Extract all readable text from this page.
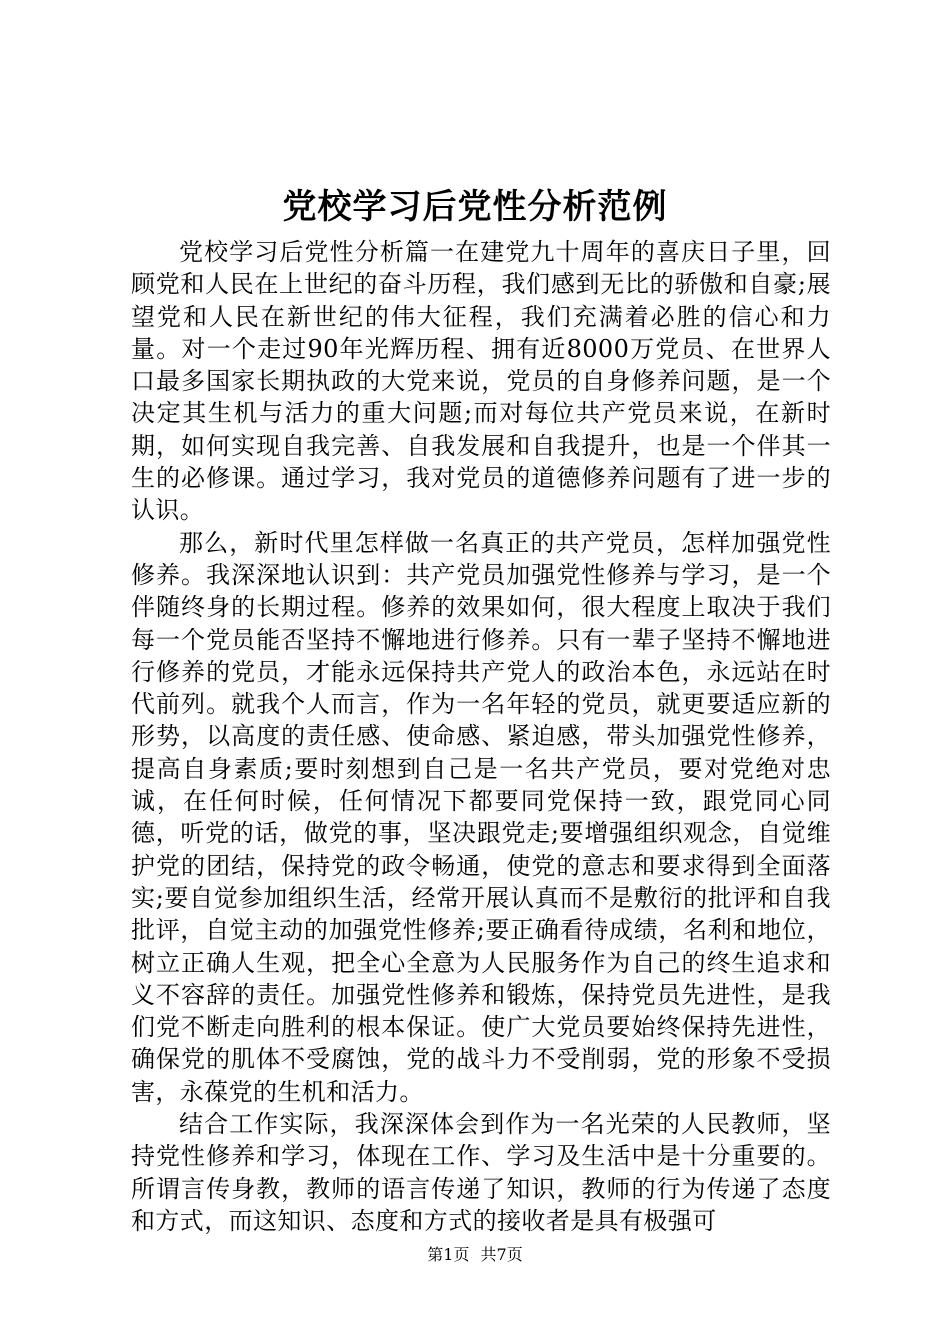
党校学习后党性分析范例

党校学习后党性分析篇一在建党九十周年的喜庆日子里，回顾党和人民在上世纪的奋斗历程，我们感到无比的骄傲和自豪;展望党和人民在新世纪的伟大征程，我们充满着必胜的信心和力量。对一个走过90年光辉历程、拥有近8000万党员、在世界人口最多国家长期执政的大党来说，党员的自身修养问题，是一个决定其生机与活力的重大问题;而对每位共产党员来说，在新时期，如何实现自我完善、自我发展和自我提升，也是一个伴其一生的必修课。通过学习，我对党员的道德修养问题有了进一步的认识。

那么，新时代里怎样做一名真正的共产党员，怎样加强党性修养。我深深地认识到：共产党员加强党性修养与学习，是一个伴随终身的长期过程。修养的效果如何，很大程度上取决于我们每一个党员能否坚持不懈地进行修养。只有一辈子坚持不懈地进行修养的党员，才能永远保持共产党人的政治本色，永远站在时代前列。就我个人而言，作为一名年轻的党员，就更要适应新的形势，以高度的责任感、使命感、紧迫感，带头加强党性修养，提高自身素质;要时刻想到自己是一名共产党员，要对党绝对忠诚，在任何时候，任何情况下都要同党保持一致，跟党同心同德，听党的话，做党的事，坚决跟党走;要增强组织观念，自觉维护党的团结，保持党的政令畅通，使党的意志和要求得到全面落实;要自觉参加组织生活，经常开展认真而不是敷衍的批评和自我批评，自觉主动的加强党性修养;要正确看待成绩，名利和地位，树立正确人生观，把全心全意为人民服务作为自己的终生追求和义不容辞的责任。加强党性修养和锻炼，保持党员先进性，是我们党不断走向胜利的根本保证。使广大党员要始终保持先进性，确保党的肌体不受腐蚀，党的战斗力不受削弱，党的形象不受损害，永葆党的生机和活力。

结合工作实际，我深深体会到作为一名光荣的人民教师，坚持党性修养和学习，体现在工作、学习及生活中是十分重要的。所谓言传身教，教师的语言传递了知识，教师的行为传递了态度和方式，而这知识、态度和方式的接收者是具有极强可

第1页 共7页
